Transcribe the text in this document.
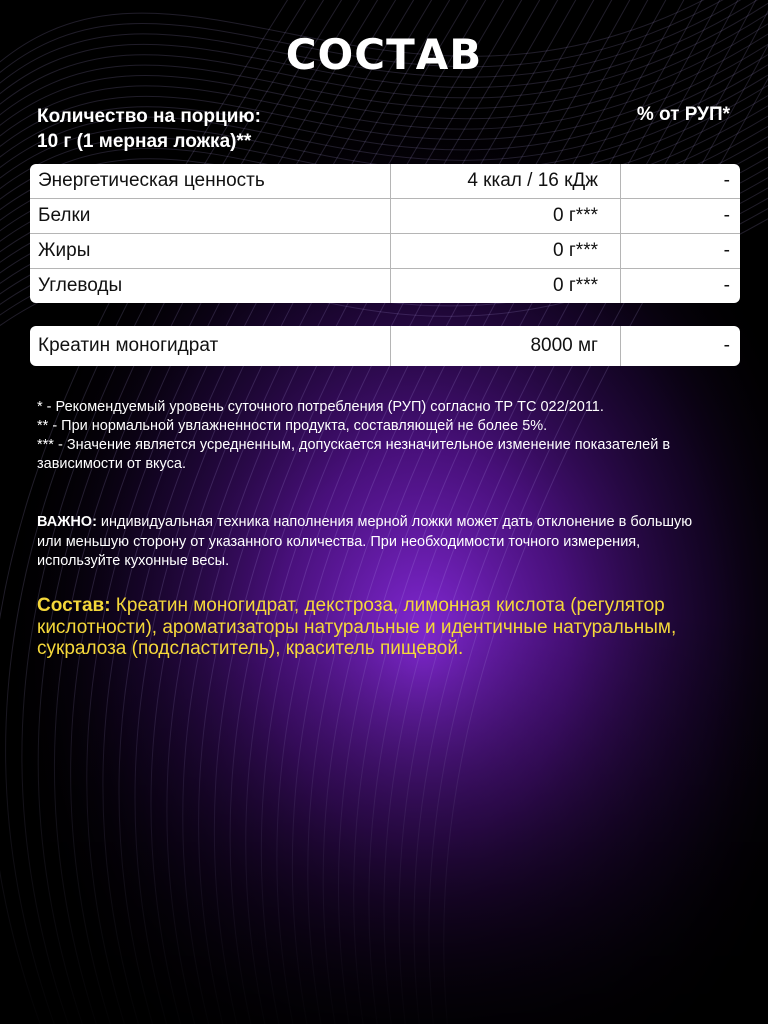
СОСТАВ
Количество на порцию:
10 г (1 мерная ложка)**
% от РУП*
Энергетическая ценность	4 ккал / 16 кДж	-
Белки	0 г***	-
Жиры	0 г***	-
Углеводы	0 г***	-
Креатин моногидрат	8000 мг	-

* - Рекомендуемый уровень суточного потребления (РУП) согласно ТР ТС 022/2011.

** - При нормальной увлажненности продукта, составляющей не более 5%.

*** - Значение является усредненным, допускается незначительное изменение показателей в зависимости от вкуса.

ВАЖНО: индивидуальная техника наполнения мерной ложки может дать отклонение в большую или меньшую сторону от указанного количества. При необходимости точного измерения, используйте кухонные весы.
Состав: Креатин моногидрат, декстроза, лимонная кислота (регулятор кислотности), ароматизаторы натуральные и идентичные натуральным, сукралоза (подсластитель), краситель пищевой.
